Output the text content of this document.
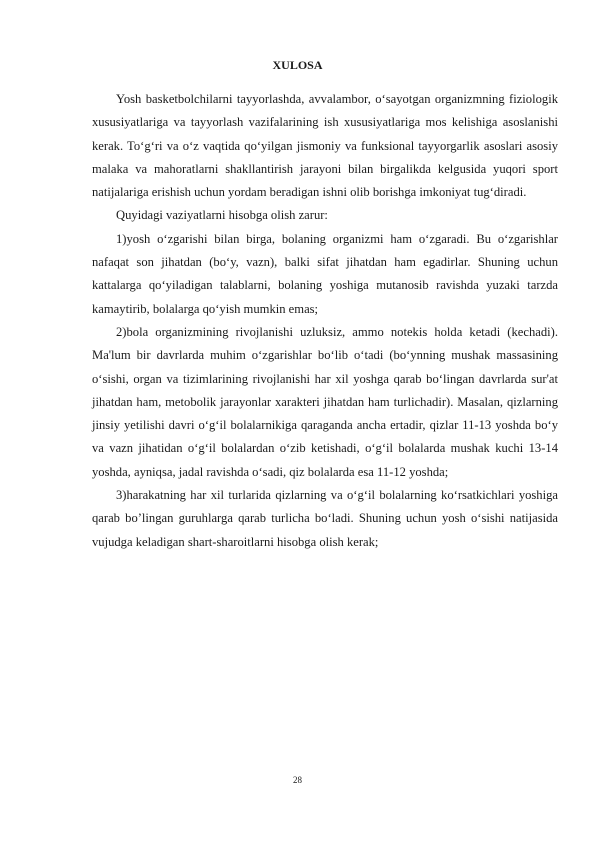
XULOSA

Yosh basketbolchilarni tayyorlashda, avvalambor, o‘sayotgan organizmning fiziologik xususiyatlariga va tayyorlash vazifalarining ish xususiyatlariga mos kelishiga asoslanishi kerak. To‘g‘ri va o‘z vaqtida qo‘yilgan jismoniy va funksional tayyorgarlik asoslari asosiy malaka va mahoratlarni shakllantirish jarayoni bilan birgalikda kelgusida yuqori sport natijalariga erishish uchun yordam beradigan ishni olib borishga imkoniyat tug‘diradi.

Quyidagi vaziyatlarni hisobga olish zarur:

1)yosh o‘zgarishi bilan birga, bolaning organizmi ham o‘zgaradi. Bu o‘zgarishlar nafaqat son jihatdan (bo‘y, vazn), balki sifat jihatdan ham egadirlar. Shuning uchun kattalarga qo‘yiladigan talablarni, bolaning yoshiga mutanosib ravishda yuzaki tarzda kamaytirib, bolalarga qo‘yish mumkin emas;

2)bola organizmining rivojlanishi uzluksiz, ammo notekis holda ketadi (kechadi). Ma'lum bir davrlarda muhim o‘zgarishlar bo‘lib o‘tadi (bo‘ynning mushak massasining o‘sishi, organ va tizimlarining rivojlanishi har xil yoshga qarab bo‘lingan davrlarda sur'at jihatdan ham, metobolik jarayonlar xarakteri jihatdan ham turlichadir). Masalan, qizlarning jinsiy yetilishi davri o‘g‘il bolalarnikiga qaraganda ancha ertadir, qizlar 11-13 yoshda bo‘y va vazn jihatidan o‘g‘il bolalardan o‘zib ketishadi, o‘g‘il bolalarda mushak kuchi 13-14 yoshda, ayniqsa, jadal ravishda o‘sadi, qiz bolalarda esa 11-12 yoshda;

3)harakatning har xil turlarida qizlarning va o‘g‘il bolalarning ko‘rsatkichlari yoshiga qarab bo’lingan guruhlarga qarab turlicha bo‘ladi. Shuning uchun yosh o‘sishi natijasida vujudga keladigan shart-sharoitlarni hisobga olish kerak;

28
